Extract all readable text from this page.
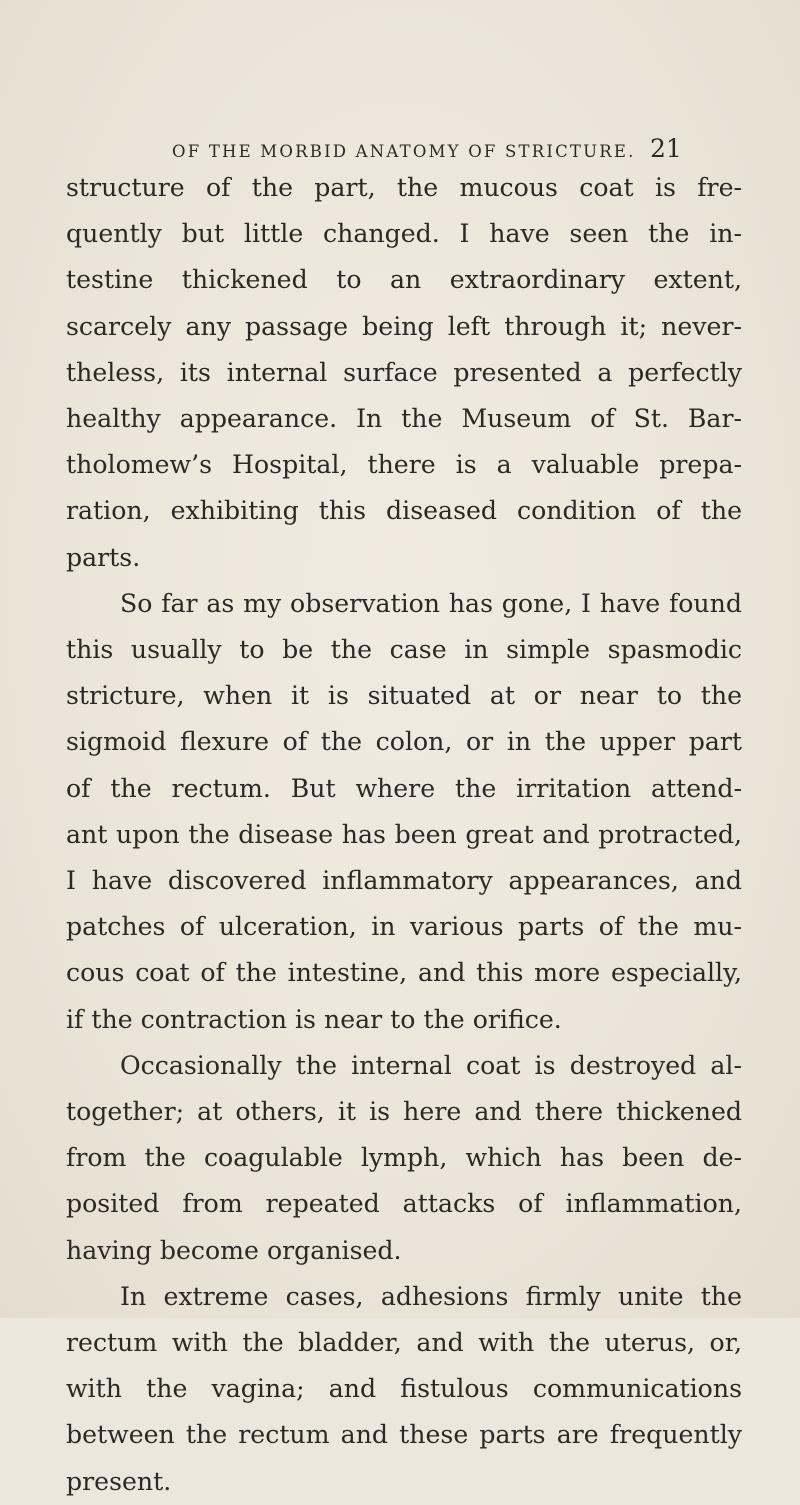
OF THE MORBID ANATOMY OF STRICTURE. 21
structure of the part, the mucous coat is fre-
quently but little changed. I have seen the in-
testine thickened to an extraordinary extent,
scarcely any passage being left through it; never-
theless, its internal surface presented a perfectly
healthy appearance. In the Museum of St. Bar-
tholomew’s Hospital, there is a valuable prepa-
ration, exhibiting this diseased condition of the
parts.
So far as my observation has gone, I have found
this usually to be the case in simple spasmodic
stricture, when it is situated at or near to the
sigmoid flexure of the colon, or in the upper part
of the rectum. But where the irritation attend-
ant upon the disease has been great and protracted,
I have discovered inflammatory appearances, and
patches of ulceration, in various parts of the mu-
cous coat of the intestine, and this more especially,
if the contraction is near to the orifice.
Occasionally the internal coat is destroyed al-
together; at others, it is here and there thickened
from the coagulable lymph, which has been de-
posited from repeated attacks of inflammation,
having become organised.
In extreme cases, adhesions firmly unite the
rectum with the bladder, and with the uterus, or,
with the vagina; and fistulous communications
between the rectum and these parts are frequently
present.
